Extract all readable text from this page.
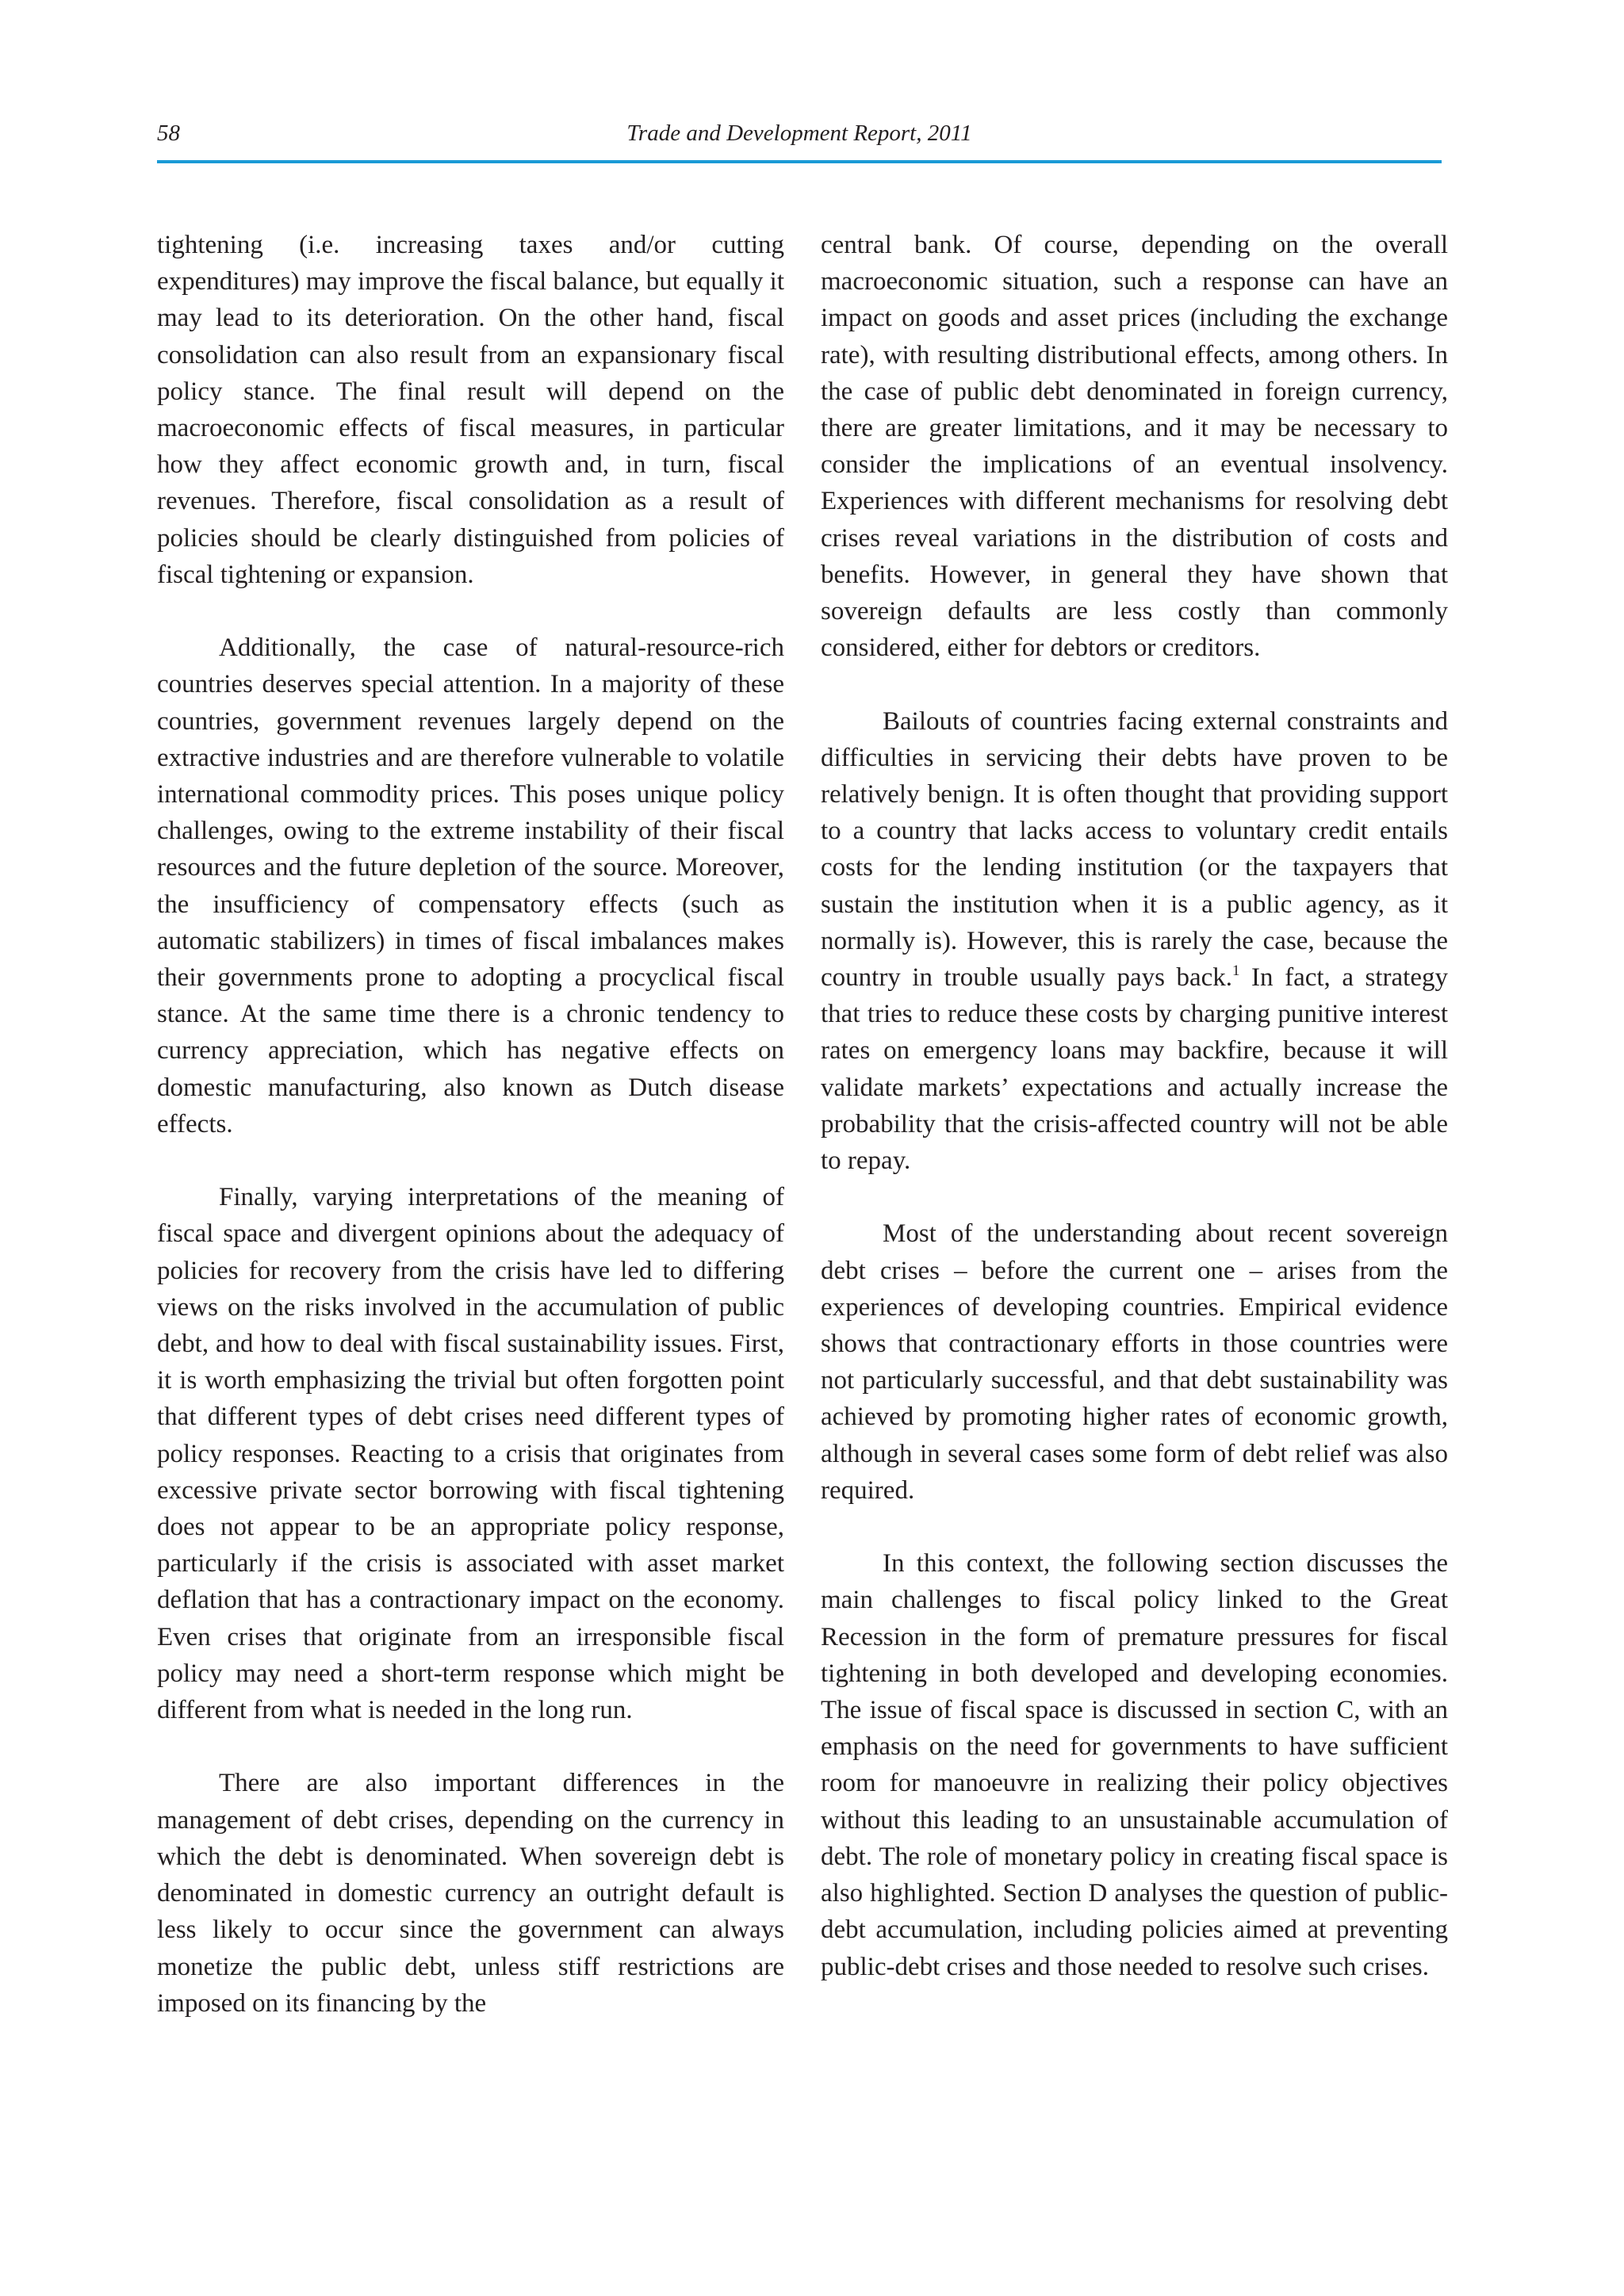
58	Trade and Development Report, 2011

tightening (i.e. increasing taxes and/or cutting expenditures) may improve the fiscal balance, but equally it may lead to its deterioration. On the other hand, fiscal consolidation can also result from an expansionary fiscal policy stance. The final result will depend on the macroeconomic effects of fiscal measures, in particular how they affect economic growth and, in turn, fiscal revenues. Therefore, fiscal consolidation as a result of policies should be clearly distinguished from policies of fiscal tightening or expansion.

Additionally, the case of natural-resource-rich countries deserves special attention. In a majority of these countries, government revenues largely depend on the extractive industries and are therefore vulnerable to volatile international commodity prices. This poses unique policy challenges, owing to the extreme instability of their fiscal resources and the future depletion of the source. Moreover, the insufficiency of compensatory effects (such as automatic stabilizers) in times of fiscal imbalances makes their governments prone to adopting a procyclical fiscal stance. At the same time there is a chronic tendency to currency appreciation, which has negative effects on domestic manufacturing, also known as Dutch disease effects.

Finally, varying interpretations of the meaning of fiscal space and divergent opinions about the adequacy of policies for recovery from the crisis have led to differing views on the risks involved in the accumulation of public debt, and how to deal with fiscal sustainability issues. First, it is worth emphasizing the trivial but often forgotten point that different types of debt crises need different types of policy responses. Reacting to a crisis that originates from excessive private sector borrowing with fiscal tightening does not appear to be an appropriate policy response, particularly if the crisis is associated with asset market deflation that has a contractionary impact on the economy. Even crises that originate from an irresponsible fiscal policy may need a short-term response which might be different from what is needed in the long run.

There are also important differences in the management of debt crises, depending on the currency in which the debt is denominated. When sovereign debt is denominated in domestic currency an outright default is less likely to occur since the government can always monetize the public debt, unless stiff restrictions are imposed on its financing by the

central bank. Of course, depending on the overall macroeconomic situation, such a response can have an impact on goods and asset prices (including the exchange rate), with resulting distributional effects, among others. In the case of public debt denominated in foreign currency, there are greater limitations, and it may be necessary to consider the implications of an eventual insolvency. Experiences with different mechanisms for resolving debt crises reveal variations in the distribution of costs and benefits. However, in general they have shown that sovereign defaults are less costly than commonly considered, either for debtors or creditors.

Bailouts of countries facing external constraints and difficulties in servicing their debts have proven to be relatively benign. It is often thought that providing support to a country that lacks access to voluntary credit entails costs for the lending institution (or the taxpayers that sustain the institution when it is a public agency, as it normally is). However, this is rarely the case, because the country in trouble usually pays back.$^1$ In fact, a strategy that tries to reduce these costs by charging punitive interest rates on emergency loans may backfire, because it will validate markets’ expectations and actually increase the probability that the crisis-affected country will not be able to repay.

Most of the understanding about recent sovereign debt crises – before the current one – arises from the experiences of developing countries. Empirical evidence shows that contractionary efforts in those countries were not particularly successful, and that debt sustainability was achieved by promoting higher rates of economic growth, although in several cases some form of debt relief was also required.

In this context, the following section discusses the main challenges to fiscal policy linked to the Great Recession in the form of premature pressures for fiscal tightening in both developed and developing economies. The issue of fiscal space is discussed in section C, with an emphasis on the need for governments to have sufficient room for manoeuvre in realizing their policy objectives without this leading to an unsustainable accumulation of debt. The role of monetary policy in creating fiscal space is also highlighted. Section D analyses the question of public-debt accumulation, including policies aimed at preventing public-debt crises and those needed to resolve such crises.
